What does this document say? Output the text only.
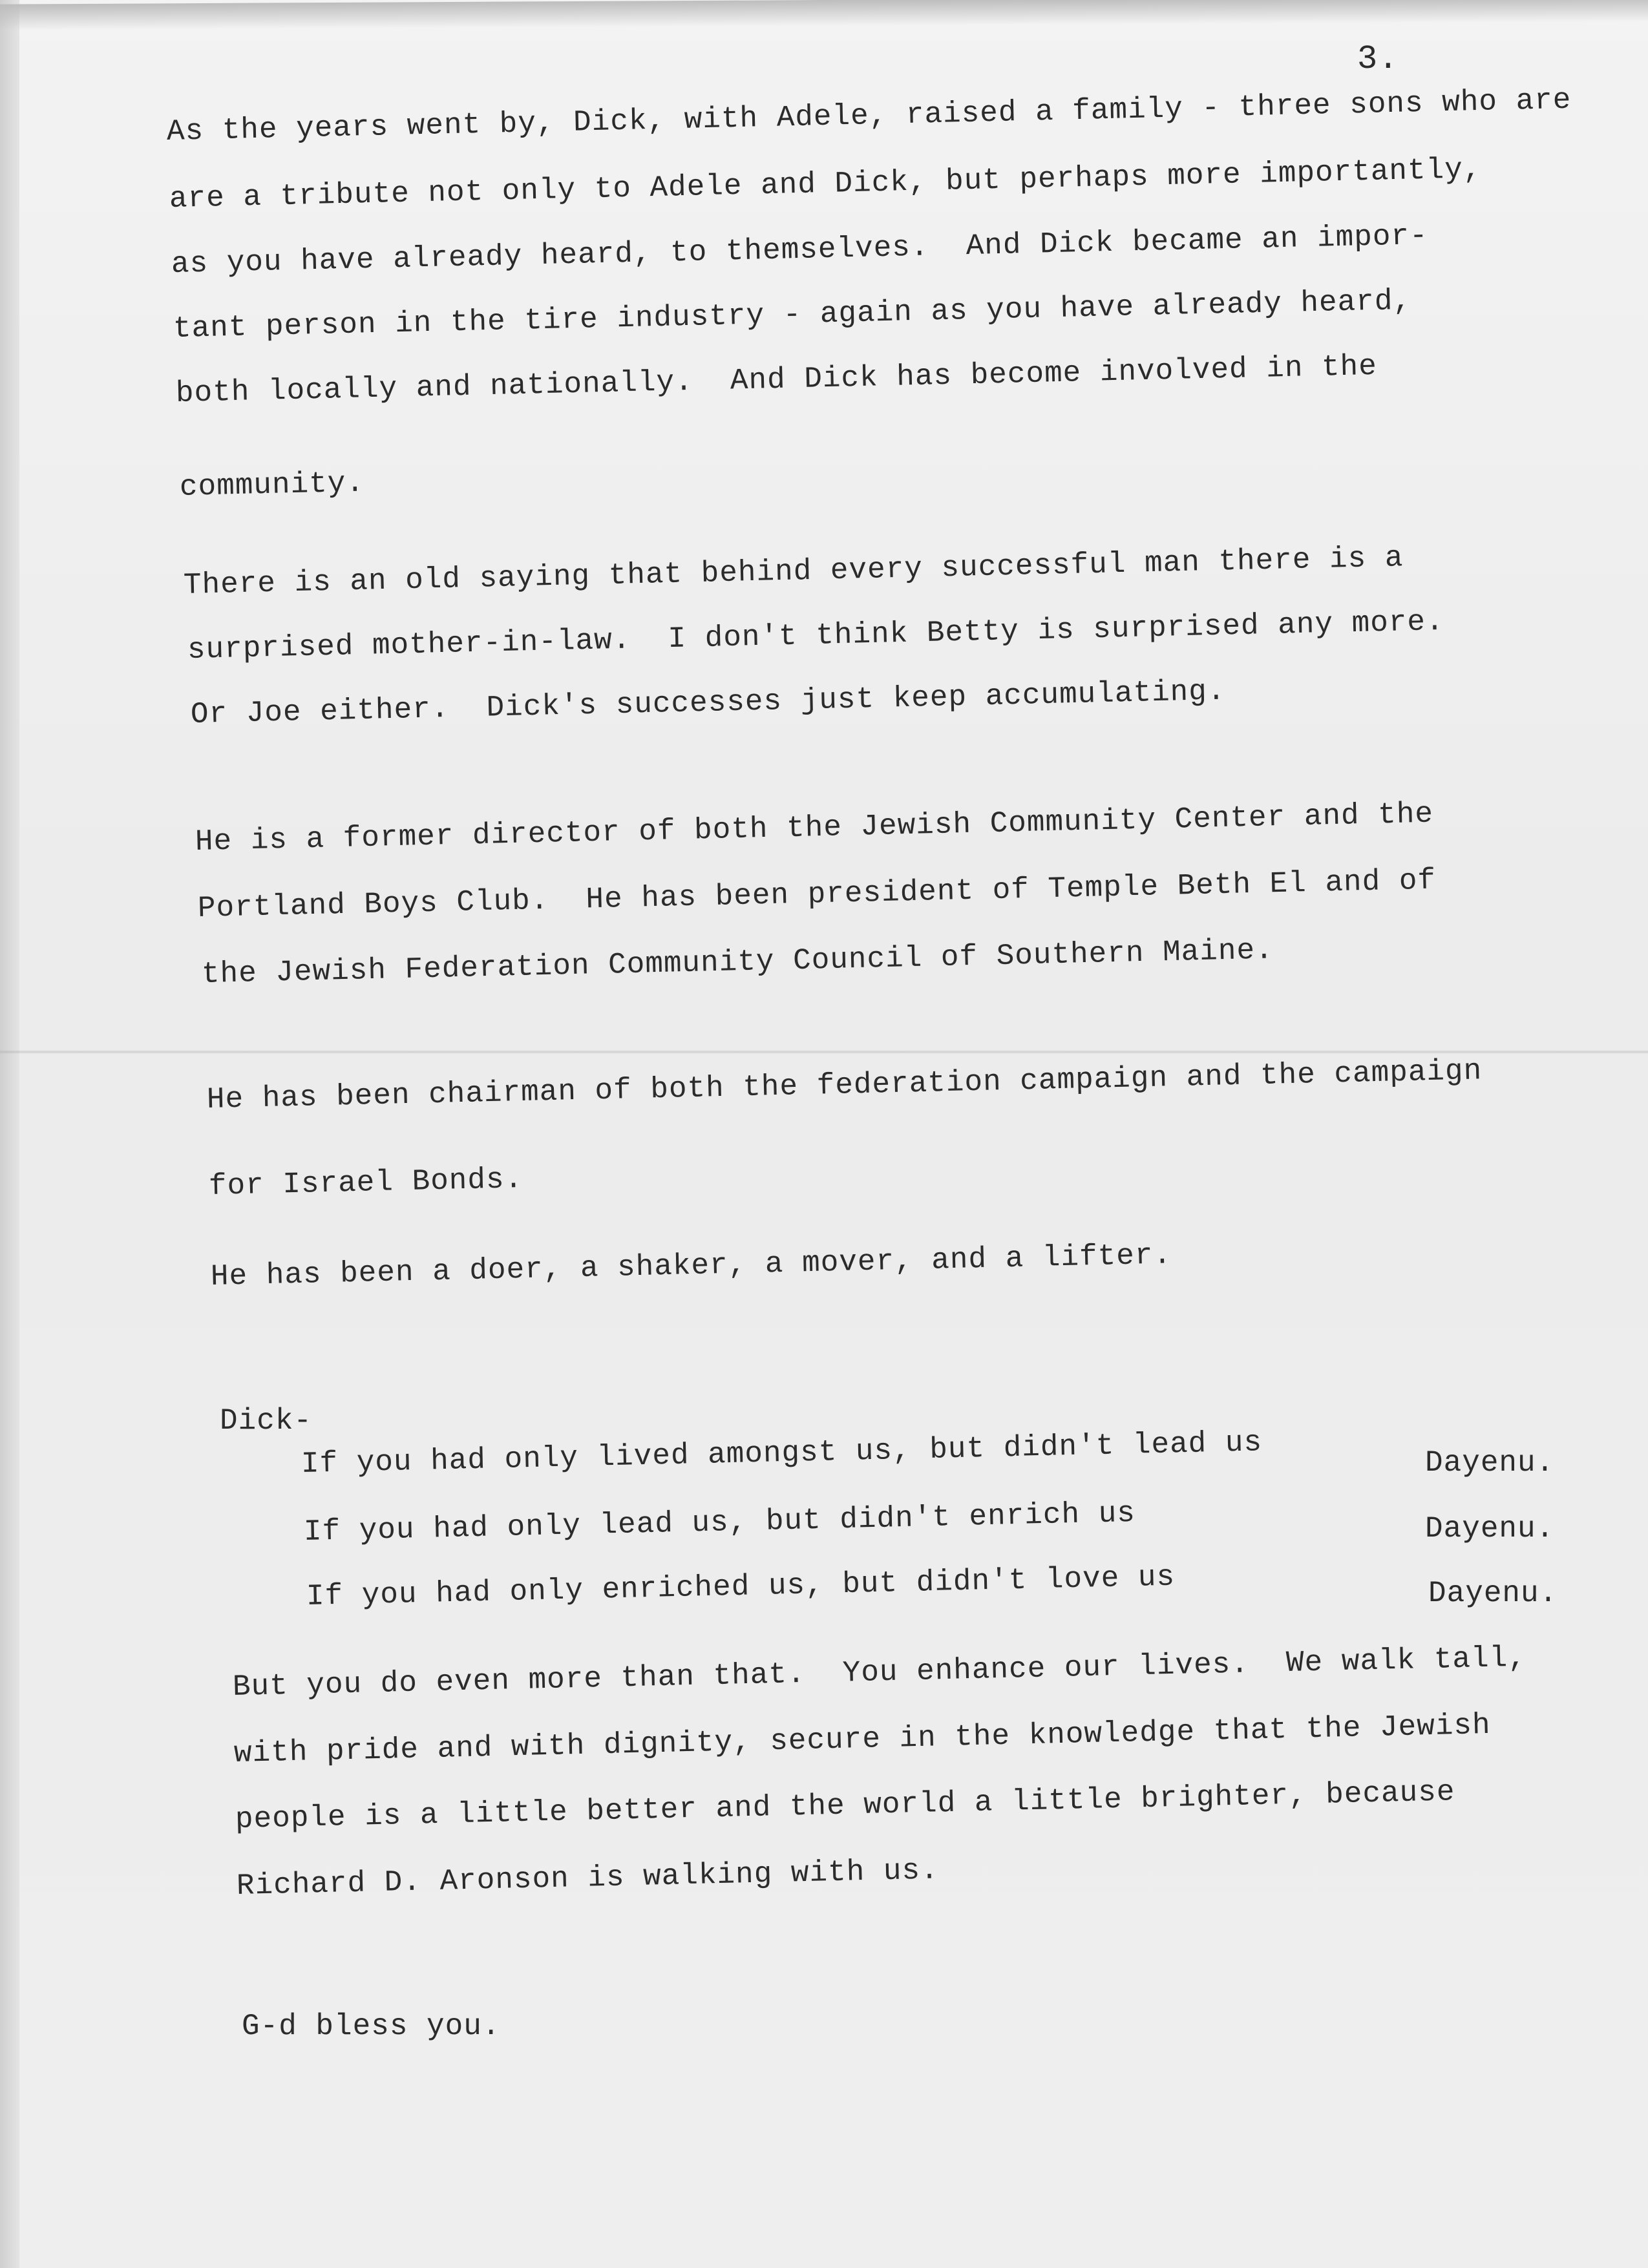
3.
As the years went by, Dick, with Adele, raised a family - three sons who are
are a tribute not only to Adele and Dick, but perhaps more importantly,
as you have already heard, to themselves.  And Dick became an impor-
tant person in the tire industry - again as you have already heard,
both locally and nationally.  And Dick has become involved in the
community.
There is an old saying that behind every successful man there is a
surprised mother-in-law.  I don't think Betty is surprised any more.
Or Joe either.  Dick's successes just keep accumulating.
He is a former director of both the Jewish Community Center and the
Portland Boys Club.  He has been president of Temple Beth El and of
the Jewish Federation Community Council of Southern Maine.
He has been chairman of both the federation campaign and the campaign
for Israel Bonds.
He has been a doer, a shaker, a mover, and a lifter.
Dick-
If you had only lived amongst us, but didn't lead us	Dayenu.
If you had only lead us, but didn't enrich us	Dayenu.
If you had only enriched us, but didn't love us	Dayenu.
But you do even more than that.  You enhance our lives.  We walk tall,
with pride and with dignity, secure in the knowledge that the Jewish
people is a little better and the world a little brighter, because
Richard D. Aronson is walking with us.
G-d bless you.
